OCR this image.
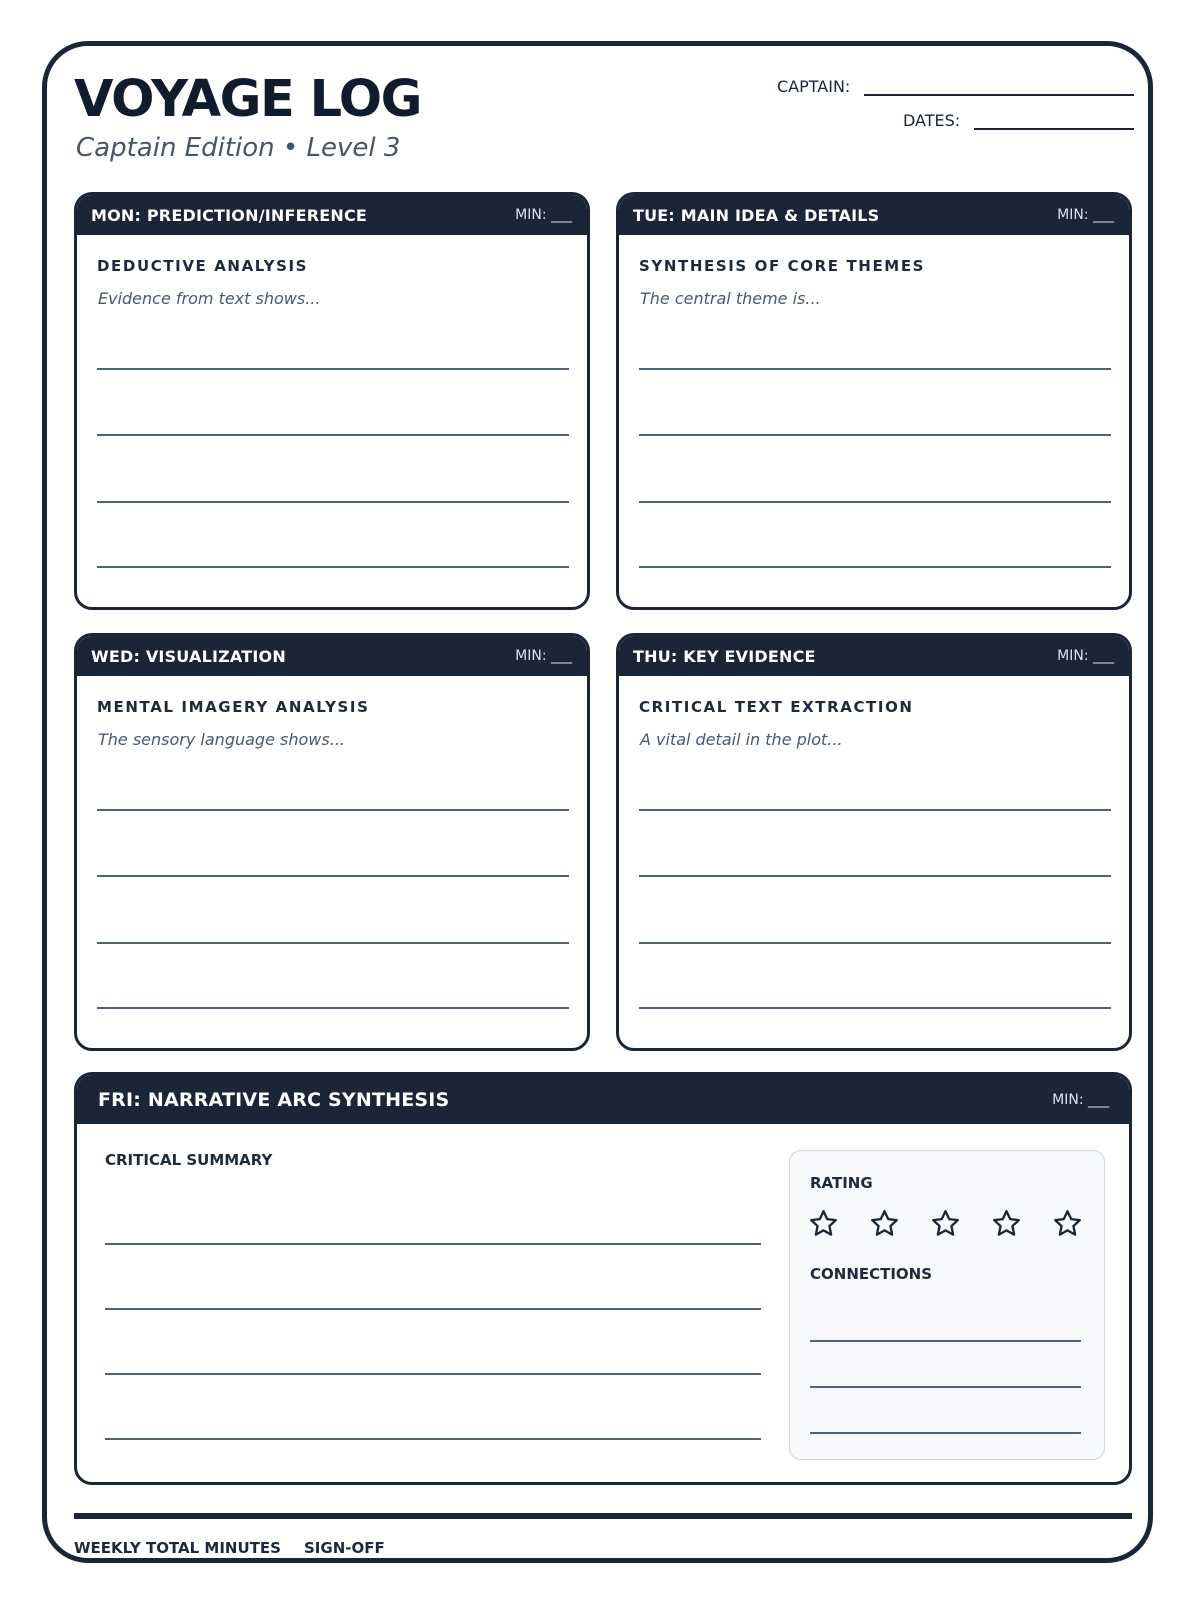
VOYAGE LOG
Captain Edition • Level 3
CAPTAIN:
DATES:
MON: PREDICTION/INFERENCE	MIN: ___
DEDUCTIVE ANALYSIS
Evidence from text shows...
TUE: MAIN IDEA & DETAILS	MIN: ___
SYNTHESIS OF CORE THEMES
The central theme is...
WED: VISUALIZATION	MIN: ___
MENTAL IMAGERY ANALYSIS
The sensory language shows...
THU: KEY EVIDENCE	MIN: ___
CRITICAL TEXT EXTRACTION
A vital detail in the plot...
FRI: NARRATIVE ARC SYNTHESIS	MIN: ___
CRITICAL SUMMARY
RATING
CONNECTIONS
WEEKLY TOTAL MINUTES SIGN-OFF
